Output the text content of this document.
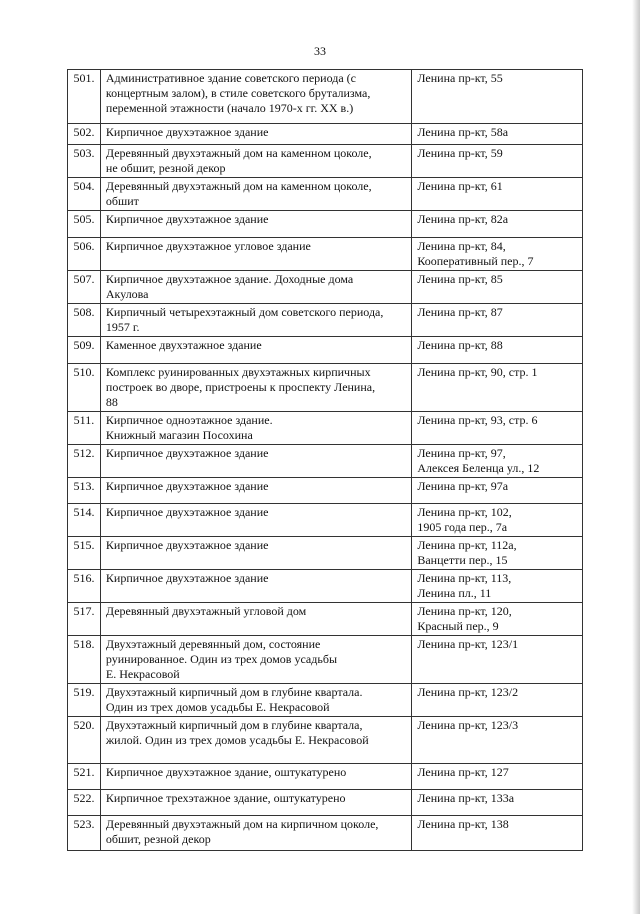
33
501.	Административное здание советского периода (с
концертным залом), в стиле советского брутализма,
переменной этажности (начало 1970-х гг. XX в.)	Ленина пр-кт, 55
502.	Кирпичное двухэтажное здание	Ленина пр-кт, 58а
503.	Деревянный двухэтажный дом на каменном цоколе,
не обшит, резной декор	Ленина пр-кт, 59
504.	Деревянный двухэтажный дом на каменном цоколе,
обшит	Ленина пр-кт, 61
505.	Кирпичное двухэтажное здание	Ленина пр-кт, 82а
506.	Кирпичное двухэтажное угловое здание	Ленина пр-кт, 84,
Кооперативный пер., 7
507.	Кирпичное двухэтажное здание. Доходные дома
Акулова	Ленина пр-кт, 85
508.	Кирпичный четырехэтажный дом советского периода,
1957 г.	Ленина пр-кт, 87
509.	Каменное двухэтажное здание	Ленина пр-кт, 88
510.	Комплекс руинированных двухэтажных кирпичных
построек во дворе, пристроены к проспекту Ленина,
88	Ленина пр-кт, 90, стр. 1
511.	Кирпичное одноэтажное здание.
Книжный магазин Посохина	Ленина пр-кт, 93, стр. 6
512.	Кирпичное двухэтажное здание	Ленина пр-кт, 97,
Алексея Беленца ул., 12
513.	Кирпичное двухэтажное здание	Ленина пр-кт, 97а
514.	Кирпичное двухэтажное здание	Ленина пр-кт, 102,
1905 года пер., 7а
515.	Кирпичное двухэтажное здание	Ленина пр-кт, 112а,
Ванцетти пер., 15
516.	Кирпичное двухэтажное здание	Ленина пр-кт, 113,
Ленина пл., 11
517.	Деревянный двухэтажный угловой дом	Ленина пр-кт, 120,
Красный пер., 9
518.	Двухэтажный деревянный дом, состояние
руинированное. Один из трех домов усадьбы
Е. Некрасовой	Ленина пр-кт, 123/1
519.	Двухэтажный кирпичный дом в глубине квартала.
Один из трех домов усадьбы Е. Некрасовой	Ленина пр-кт, 123/2
520.	Двухэтажный кирпичный дом в глубине квартала,
жилой. Один из трех домов усадьбы Е. Некрасовой	Ленина пр-кт, 123/3
521.	Кирпичное двухэтажное здание, оштукатурено	Ленина пр-кт, 127
522.	Кирпичное трехэтажное здание, оштукатурено	Ленина пр-кт, 133а
523.	Деревянный двухэтажный дом на кирпичном цоколе,
обшит, резной декор	Ленина пр-кт, 138
